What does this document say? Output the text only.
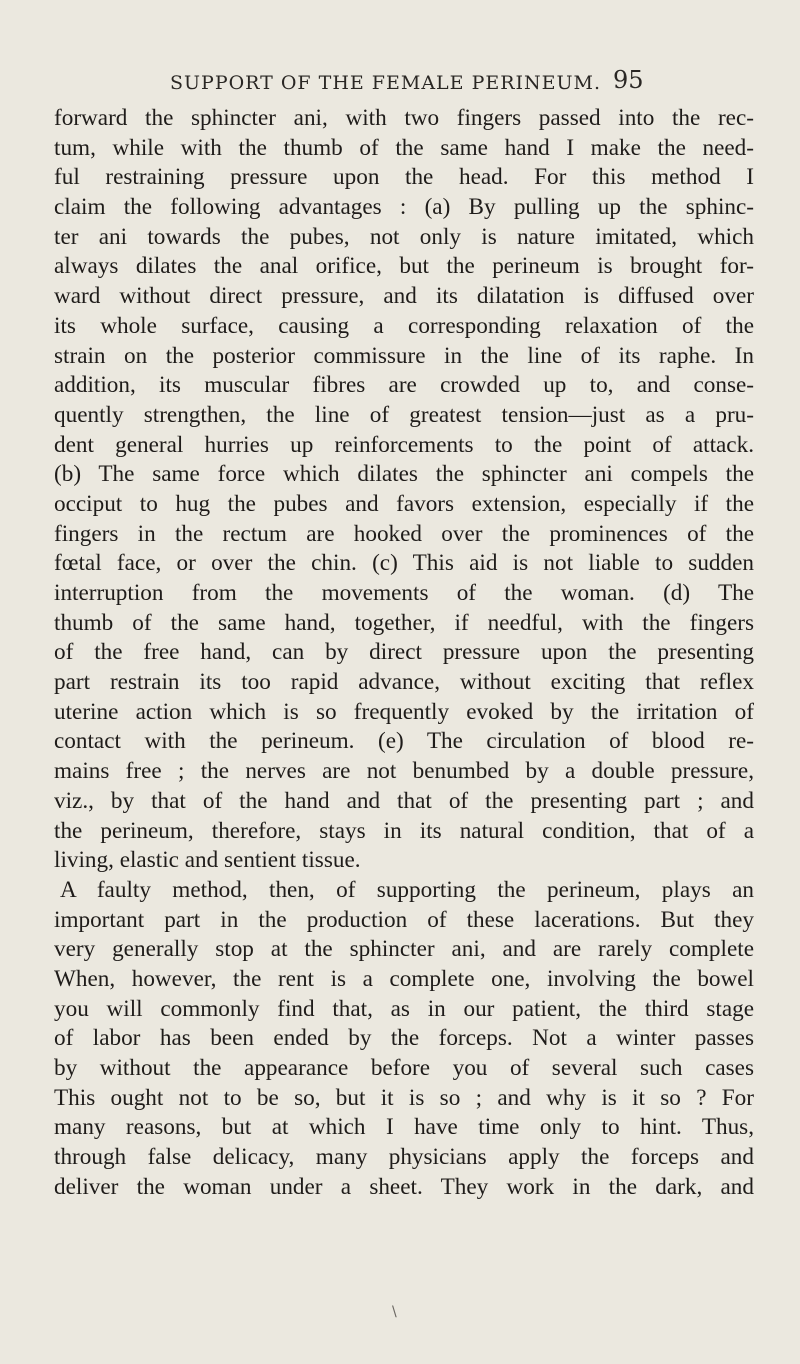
SUPPORT OF THE FEMALE PERINEUM. 95
forward the sphincter ani, with two fingers passed into the rec-
tum, while with the thumb of the same hand I make the need-
ful restraining pressure upon the head. For this method I
claim the following advantages : (a) By pulling up the sphinc-
ter ani towards the pubes, not only is nature imitated, which
always dilates the anal orifice, but the perineum is brought for-
ward without direct pressure, and its dilatation is diffused over
its whole surface, causing a corresponding relaxation of the
strain on the posterior commissure in the line of its raphe. In
addition, its muscular fibres are crowded up to, and conse-
quently strengthen, the line of greatest tension—just as a pru-
dent general hurries up reinforcements to the point of attack.
(b) The same force which dilates the sphincter ani compels the
occiput to hug the pubes and favors extension, especially if the
fingers in the rectum are hooked over the prominences of the
fœtal face, or over the chin. (c) This aid is not liable to sudden
interruption from the movements of the woman. (d) The
thumb of the same hand, together, if needful, with the fingers
of the free hand, can by direct pressure upon the presenting
part restrain its too rapid advance, without exciting that reflex
uterine action which is so frequently evoked by the irritation of
contact with the perineum. (e) The circulation of blood re-
mains free ; the nerves are not benumbed by a double pressure,
viz., by that of the hand and that of the presenting part ; and
the perineum, therefore, stays in its natural condition, that of a
living, elastic and sentient tissue.
A faulty method, then, of supporting the perineum, plays an
important part in the production of these lacerations. But they
very generally stop at the sphincter ani, and are rarely complete
When, however, the rent is a complete one, involving the bowel
you will commonly find that, as in our patient, the third stage
of labor has been ended by the forceps. Not a winter passes
by without the appearance before you of several such cases
This ought not to be so, but it is so ; and why is it so ? For
many reasons, but at which I have time only to hint. Thus,
through false delicacy, many physicians apply the forceps and
deliver the woman under a sheet. They work in the dark, and
\
